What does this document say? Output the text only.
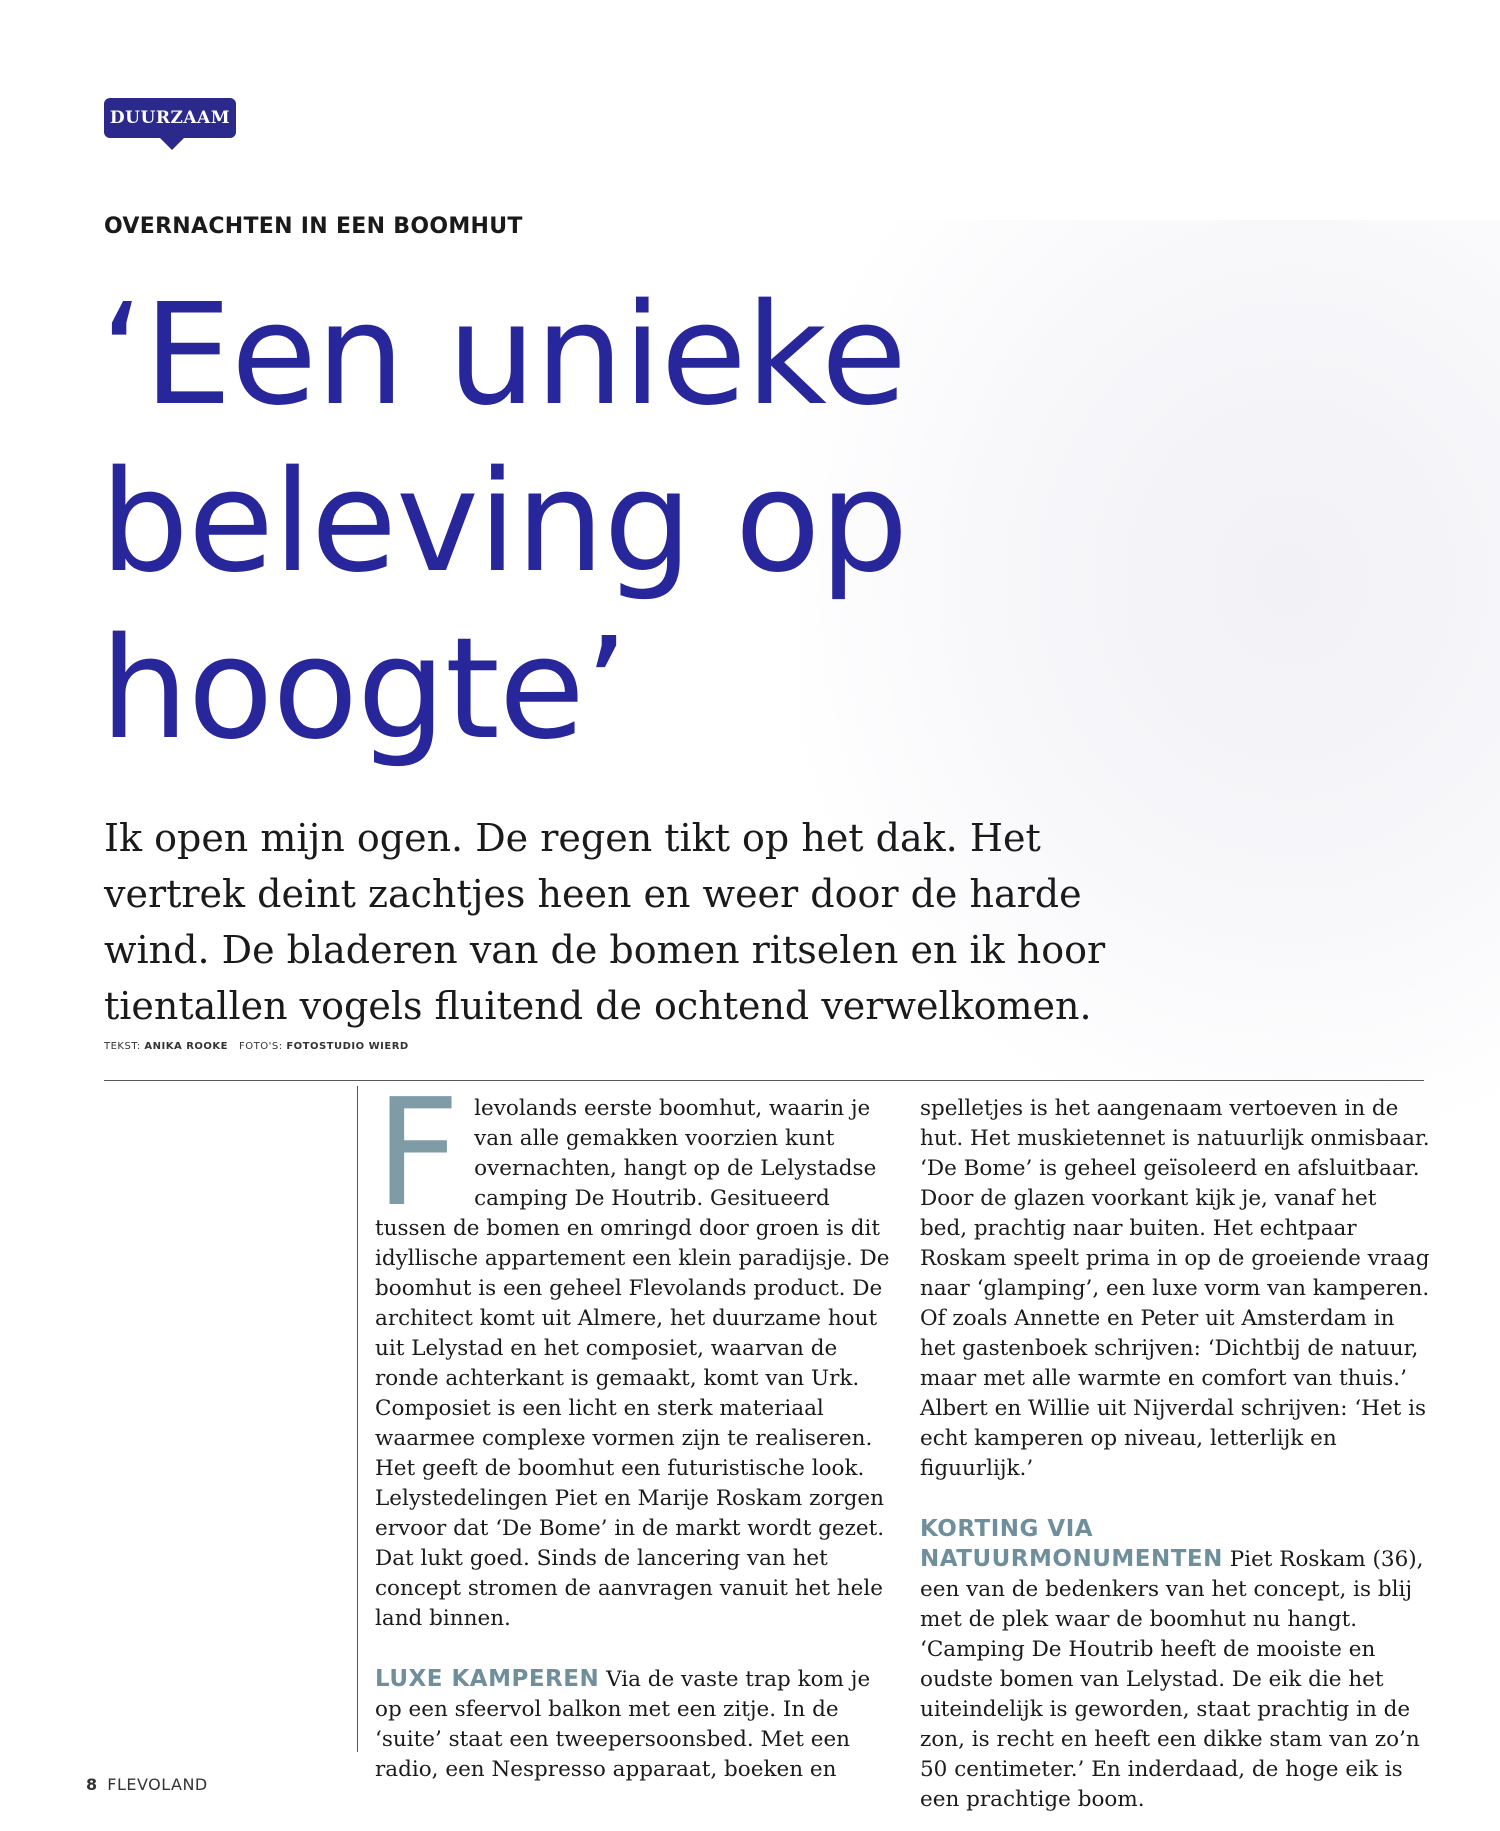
DUURZAAM
OVERNACHTEN IN EEN BOOMHUT
‘Een unieke
beleving op
hoogte’

Ik open mijn ogen. De regen tikt op het dak. Het vertrek deint zachtjes heen en weer door de harde wind. De bladeren van de bomen ritselen en ik hoor tientallen vogels fluitend de ochtend verwelkomen.

TEKST: ANIKA ROOKE FOTO'S: FOTOSTUDIO WIERD

F levolands eerste boomhut, waarin je van alle gemakken voorzien kunt overnachten, hangt op de Lelystadse camping De Houtrib. Gesitueerd tussen de bomen en omringd door groen is dit idyllische appartement een klein paradijsje. De boomhut is een geheel Flevolands product. De architect komt uit Almere, het duurzame hout uit Lelystad en het composiet, waarvan de ronde achterkant is gemaakt, komt van Urk. Composiet is een licht en sterk materiaal waarmee complexe vormen zijn te realiseren. Het geeft de boomhut een futuristische look. Lelystedelingen Piet en Marije Roskam zorgen ervoor dat ‘De Bome’ in de markt wordt gezet. Dat lukt goed. Sinds de lancering van het concept stromen de aanvragen vanuit het hele land binnen.

LUXE KAMPEREN Via de vaste trap kom je op een sfeervol balkon met een zitje. In de ‘suite’ staat een tweepersoonsbed. Met een radio, een Nespresso apparaat, boeken en

spelletjes is het aangenaam vertoeven in de hut. Het muskietennet is natuurlijk onmisbaar. ‘De Bome’ is geheel geïsoleerd en afsluitbaar. Door de glazen voorkant kijk je, vanaf het bed, prachtig naar buiten. Het echtpaar Roskam speelt prima in op de groeiende vraag naar ‘glamping’, een luxe vorm van kamperen. Of zoals Annette en Peter uit Amsterdam in het gastenboek schrijven: ‘Dichtbij de natuur, maar met alle warmte en comfort van thuis.’ Albert en Willie uit Nijverdal schrijven: ‘Het is echt kamperen op niveau, letterlijk en figuurlijk.’

KORTING VIA
NATUURMONUMENTEN Piet Roskam (36), een van de bedenkers van het concept, is blij met de plek waar de boomhut nu hangt. ‘Camping De Houtrib heeft de mooiste en oudste bomen van Lelystad. De eik die het uiteindelijk is geworden, staat prachtig in de zon, is recht en heeft een dikke stam van zo’n 50 centimeter.’ En inderdaad, de hoge eik is een prachtige boom.

8 FLEVOLAND
